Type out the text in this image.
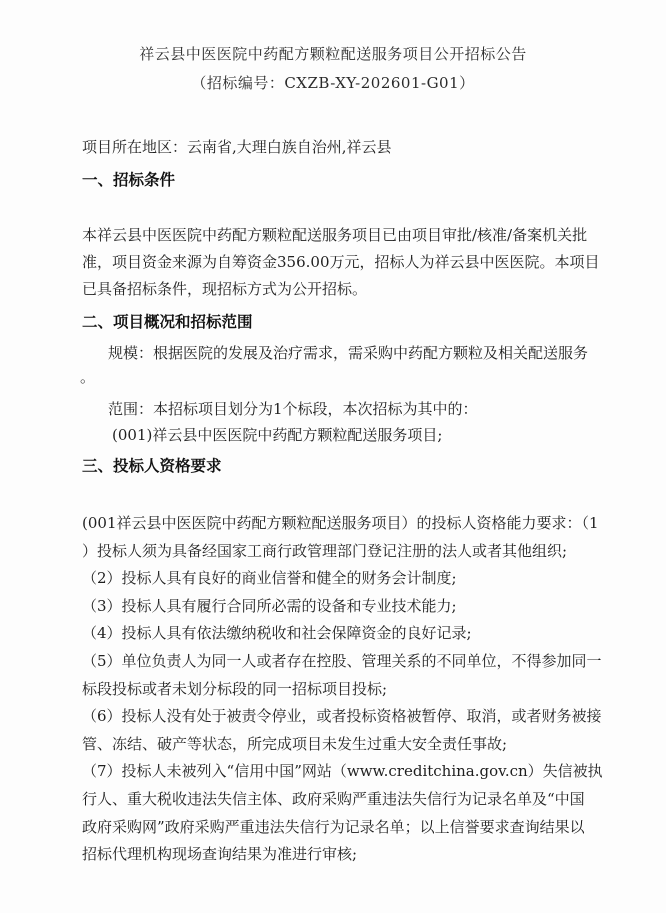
祥云县中医医院中药配方颗粒配送服务项目公开招标公告
（招标编号：CXZB-XY-202601-G01）
项目所在地区：云南省,大理白族自治州,祥云县
一、招标条件
本祥云县中医医院中药配方颗粒配送服务项目已由项目审批/核准/备案机关批
准，项目资金来源为自筹资金356.00万元，招标人为祥云县中医医院。本项目
已具备招标条件，现招标方式为公开招标。
二、项目概况和招标范围
规模：根据医院的发展及治疗需求，需采购中药配方颗粒及相关配送服务
。
范围：本招标项目划分为1个标段，本次招标为其中的：
(001)祥云县中医医院中药配方颗粒配送服务项目;
三、投标人资格要求
(001祥云县中医医院中药配方颗粒配送服务项目）的投标人资格能力要求：（1
）投标人须为具备经国家工商行政管理部门登记注册的法人或者其他组织;
（2）投标人具有良好的商业信誉和健全的财务会计制度;
（3）投标人具有履行合同所必需的设备和专业技术能力;
（4）投标人具有依法缴纳税收和社会保障资金的良好记录;
（5）单位负责人为同一人或者存在控股、管理关系的不同单位，不得参加同一
标段投标或者未划分标段的同一招标项目投标;
（6）投标人没有处于被责令停业，或者投标资格被暂停、取消，或者财务被接
管、冻结、破产等状态，所完成项目未发生过重大安全责任事故;
（7）投标人未被列入“信用中国”网站（www.creditchina.gov.cn）失信被执
行人、重大税收违法失信主体、政府采购严重违法失信行为记录名单及“中国
政府采购网”政府采购严重违法失信行为记录名单；以上信誉要求查询结果以
招标代理机构现场查询结果为准进行审核;
